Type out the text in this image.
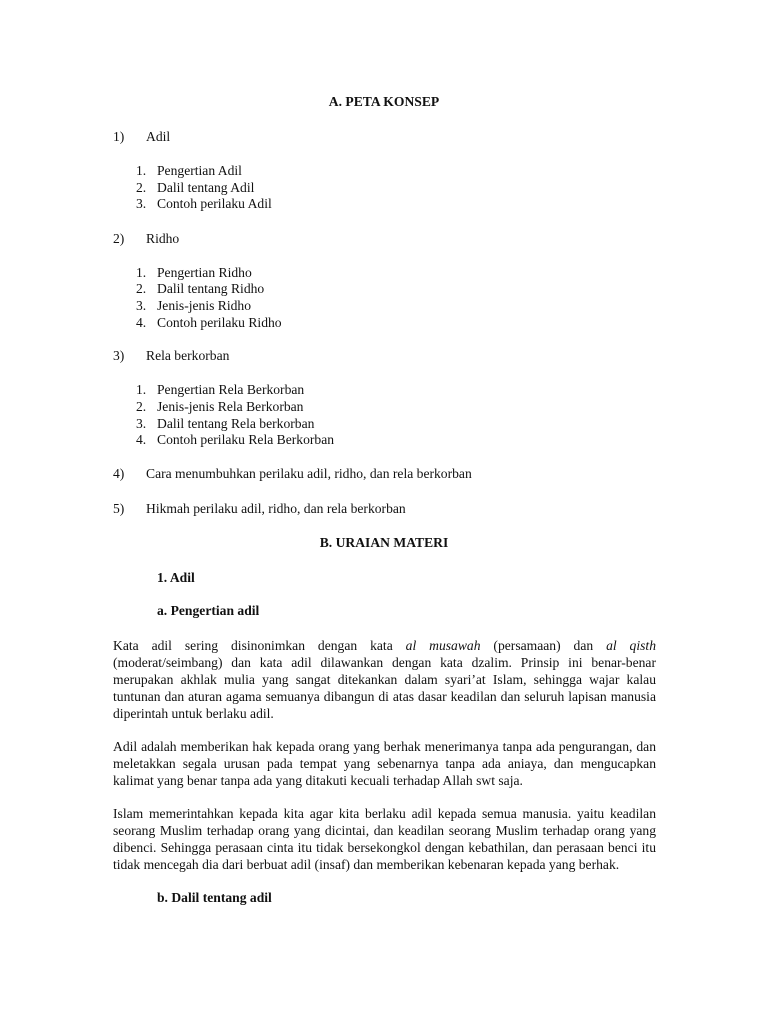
A. PETA KONSEP
1) Adil
1. Pengertian Adil
2. Dalil tentang Adil
3. Contoh perilaku Adil
2) Ridho
1. Pengertian Ridho
2. Dalil tentang Ridho
3. Jenis-jenis Ridho
4. Contoh perilaku Ridho
3) Rela berkorban
1. Pengertian Rela Berkorban
2. Jenis-jenis Rela Berkorban
3. Dalil tentang Rela berkorban
4. Contoh perilaku Rela Berkorban
4) Cara menumbuhkan perilaku adil, ridho, dan rela berkorban
5) Hikmah perilaku adil, ridho, dan rela berkorban
B. URAIAN MATERI
1. Adil
a. Pengertian adil
Kata adil sering disinonimkan dengan kata al musawah (persamaan) dan al qisth (moderat/seimbang) dan kata adil dilawankan dengan kata dzalim. Prinsip ini benar-benar merupakan akhlak mulia yang sangat ditekankan dalam syari’at Islam, sehingga wajar kalau tuntunan dan aturan agama semuanya dibangun di atas dasar keadilan dan seluruh lapisan manusia diperintah untuk berlaku adil.
Adil adalah memberikan hak kepada orang yang berhak menerimanya tanpa ada pengurangan, dan meletakkan segala urusan pada tempat yang sebenarnya tanpa ada aniaya, dan mengucapkan kalimat yang benar tanpa ada yang ditakuti kecuali terhadap Allah swt saja.
Islam memerintahkan kepada kita agar kita berlaku adil kepada semua manusia. yaitu keadilan seorang Muslim terhadap orang yang dicintai, dan keadilan seorang Muslim terhadap orang yang dibenci. Sehingga perasaan cinta itu tidak bersekongkol dengan kebathilan, dan perasaan benci itu tidak mencegah dia dari berbuat adil (insaf) dan memberikan kebenaran kepada yang berhak.
b. Dalil tentang adil
